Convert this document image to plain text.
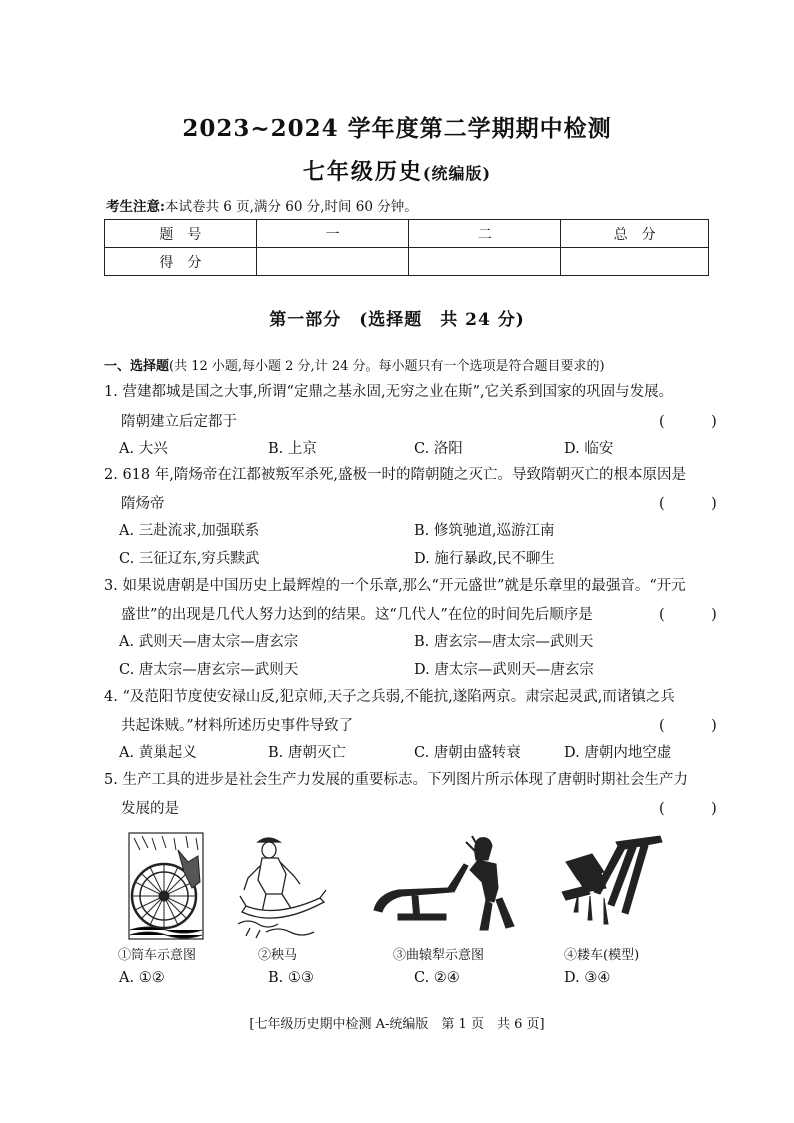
2023~2024 学年度第二学期期中检测
七年级历史(统编版)
考生注意:本试卷共 6 页,满分 60 分,时间 60 分钟。
题　号	一	二	总　分
得　分			
第一部分　(选择题　共 24 分)
一、选择题(共 12 小题,每小题 2 分,计 24 分。每小题只有一个选项是符合题目要求的)
1. 营建都城是国之大事,所谓“定鼎之基永固,无穷之业在斯”,它关系到国家的巩固与发展。
隋朝建立后定都于	(　)
A. 大兴	B. 上京	C. 洛阳	D. 临安
2. 618 年,隋炀帝在江都被叛军杀死,盛极一时的隋朝随之灭亡。导致隋朝灭亡的根本原因是
隋炀帝	(　)
A. 三赴流求,加强联系	B. 修筑驰道,巡游江南
C. 三征辽东,穷兵黩武	D. 施行暴政,民不聊生
3. 如果说唐朝是中国历史上最辉煌的一个乐章,那么“开元盛世”就是乐章里的最强音。“开元
盛世”的出现是几代人努力达到的结果。这“几代人”在位的时间先后顺序是	(　)
A. 武则天—唐太宗—唐玄宗	B. 唐玄宗—唐太宗—武则天
C. 唐太宗—唐玄宗—武则天	D. 唐太宗—武则天—唐玄宗
4. “及范阳节度使安禄山反,犯京师,天子之兵弱,不能抗,遂陷两京。肃宗起灵武,而诸镇之兵
共起诛贼。”材料所述历史事件导致了	(　)
A. 黄巢起义	B. 唐朝灭亡	C. 唐朝由盛转衰	D. 唐朝内地空虚
5. 生产工具的进步是社会生产力发展的重要标志。下列图片所示体现了唐朝时期社会生产力
发展的是	(　)
①筒车示意图	②秧马	③曲辕犁示意图	④耧车(模型)
A. ①②	B. ①③	C. ②④	D. ③④
[七年级历史期中检测 A-统编版　第 1 页　共 6 页]
